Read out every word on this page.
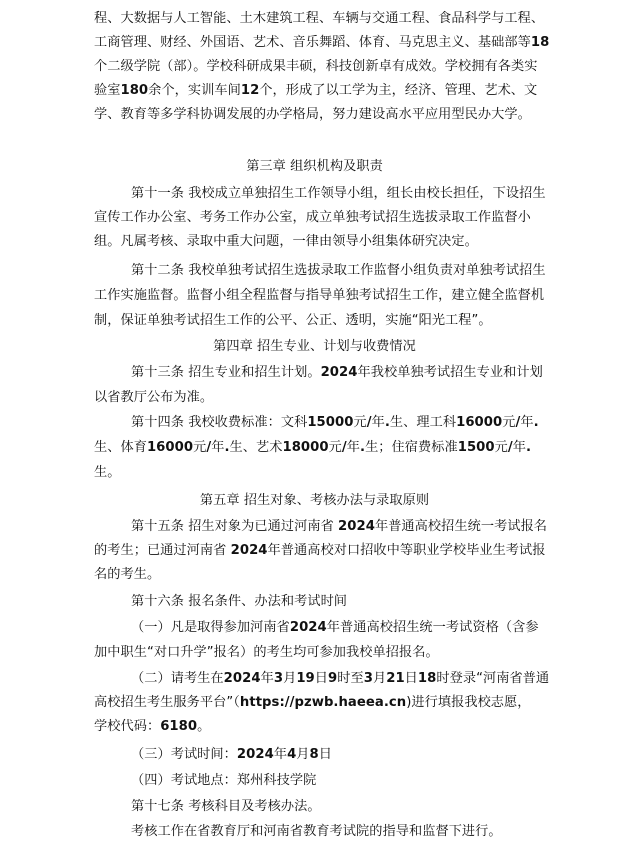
程、大数据与人工智能、土木建筑工程、车辆与交通工程、食品科学与工程、
工商管理、财经、外国语、艺术、音乐舞蹈、体育、马克思主义、基础部等18
个二级学院（部）。学校科研成果丰硕，科技创新卓有成效。学校拥有各类实
验室180余个，实训车间12个，形成了以工学为主，经济、管理、艺术、文
学、教育等多学科协调发展的办学格局，努力建设高水平应用型民办大学。
第三章 组织机构及职责
第十一条 我校成立单独招生工作领导小组，组长由校长担任，下设招生
宣传工作办公室、考务工作办公室，成立单独考试招生选拔录取工作监督小
组。凡属考核、录取中重大问题，一律由领导小组集体研究决定。
第十二条 我校单独考试招生选拔录取工作监督小组负责对单独考试招生
工作实施监督。监督小组全程监督与指导单独考试招生工作，建立健全监督机
制，保证单独考试招生工作的公平、公正、透明，实施“阳光工程”。
第四章 招生专业、计划与收费情况
第十三条 招生专业和招生计划。2024年我校单独考试招生专业和计划
以省教厅公布为准。
第十四条 我校收费标准：文科15000元/年.生、理工科16000元/年.
生、体育16000元/年.生、艺术18000元/年.生；住宿费标准1500元/年.
生。
第五章 招生对象、考核办法与录取原则
第十五条 招生对象为已通过河南省 2024年普通高校招生统一考试报名
的考生；已通过河南省 2024年普通高校对口招收中等职业学校毕业生考试报
名的考生。
第十六条 报名条件、办法和考试时间
（一）凡是取得参加河南省2024年普通高校招生统一考试资格（含参
加中职生“对口升学”报名）的考生均可参加我校单招报名。
（二）请考生在2024年3月19日9时至3月21日18时登录“河南省普通
高校招生考生服务平台”（https://pzwb.haeea.cn)进行填报我校志愿，
学校代码：6180。
（三）考试时间：2024年4月8日
（四）考试地点：郑州科技学院
第十七条 考核科目及考核办法。
考核工作在省教育厅和河南省教育考试院的指导和监督下进行。
